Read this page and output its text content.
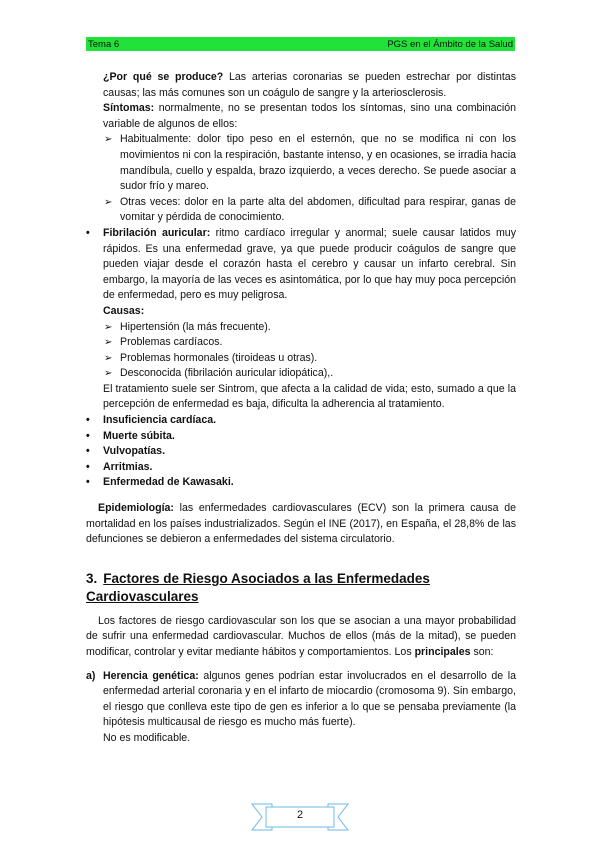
Tema 6	PGS en el Ámbito de la Salud

¿Por qué se produce? Las arterias coronarias se pueden estrechar por distintas causas; las más comunes son un coágulo de sangre y la arteriosclerosis.

Síntomas: normalmente, no se presentan todos los síntomas, sino una combinación variable de algunos de ellos:

➢ Habitualmente: dolor tipo peso en el esternón, que no se modifica ni con los movimientos ni con la respiración, bastante intenso, y en ocasiones, se irradia hacia mandíbula, cuello y espalda, brazo izquierdo, a veces derecho. Se puede asociar a sudor frío y mareo.
➢ Otras veces: dolor en la parte alta del abdomen, dificultad para respirar, ganas de vomitar y pérdida de conocimiento.

• Fibrilación auricular: ritmo cardíaco irregular y anormal; suele causar latidos muy rápidos. Es una enfermedad grave, ya que puede producir coágulos de sangre que pueden viajar desde el corazón hasta el cerebro y causar un infarto cerebral. Sin embargo, la mayoría de las veces es asintomática, por lo que hay muy poca percepción de enfermedad, pero es muy peligrosa.

Causas:

➢ Hipertensión (la más frecuente).
➢ Problemas cardíacos.
➢ Problemas hormonales (tiroideas u otras).
➢ Desconocida (fibrilación auricular idiopática),.

El tratamiento suele ser Sintrom, que afecta a la calidad de vida; esto, sumado a que la percepción de enfermedad es baja, dificulta la adherencia al tratamiento.

• Insuficiencia cardíaca.
• Muerte súbita.
• Vulvopatías.
• Arritmias.
• Enfermedad de Kawasaki.

Epidemiología: las enfermedades cardiovasculares (ECV) son la primera causa de mortalidad en los países industrializados. Según el INE (2017), en España, el 28,8% de las defunciones se debieron a enfermedades del sistema circulatorio.

3. Factores de Riesgo Asociados a las Enfermedades Cardiovasculares

Los factores de riesgo cardiovascular son los que se asocian a una mayor probabilidad de sufrir una enfermedad cardiovascular. Muchos de ellos (más de la mitad), se pueden modificar, controlar y evitar mediante hábitos y comportamientos. Los principales son:

a) Herencia genética: algunos genes podrían estar involucrados en el desarrollo de la enfermedad arterial coronaria y en el infarto de miocardio (cromosoma 9). Sin embargo, el riesgo que conlleva este tipo de gen es inferior a lo que se pensaba previamente (la hipótesis multicausal de riesgo es mucho más fuerte).

No es modificable.

2
